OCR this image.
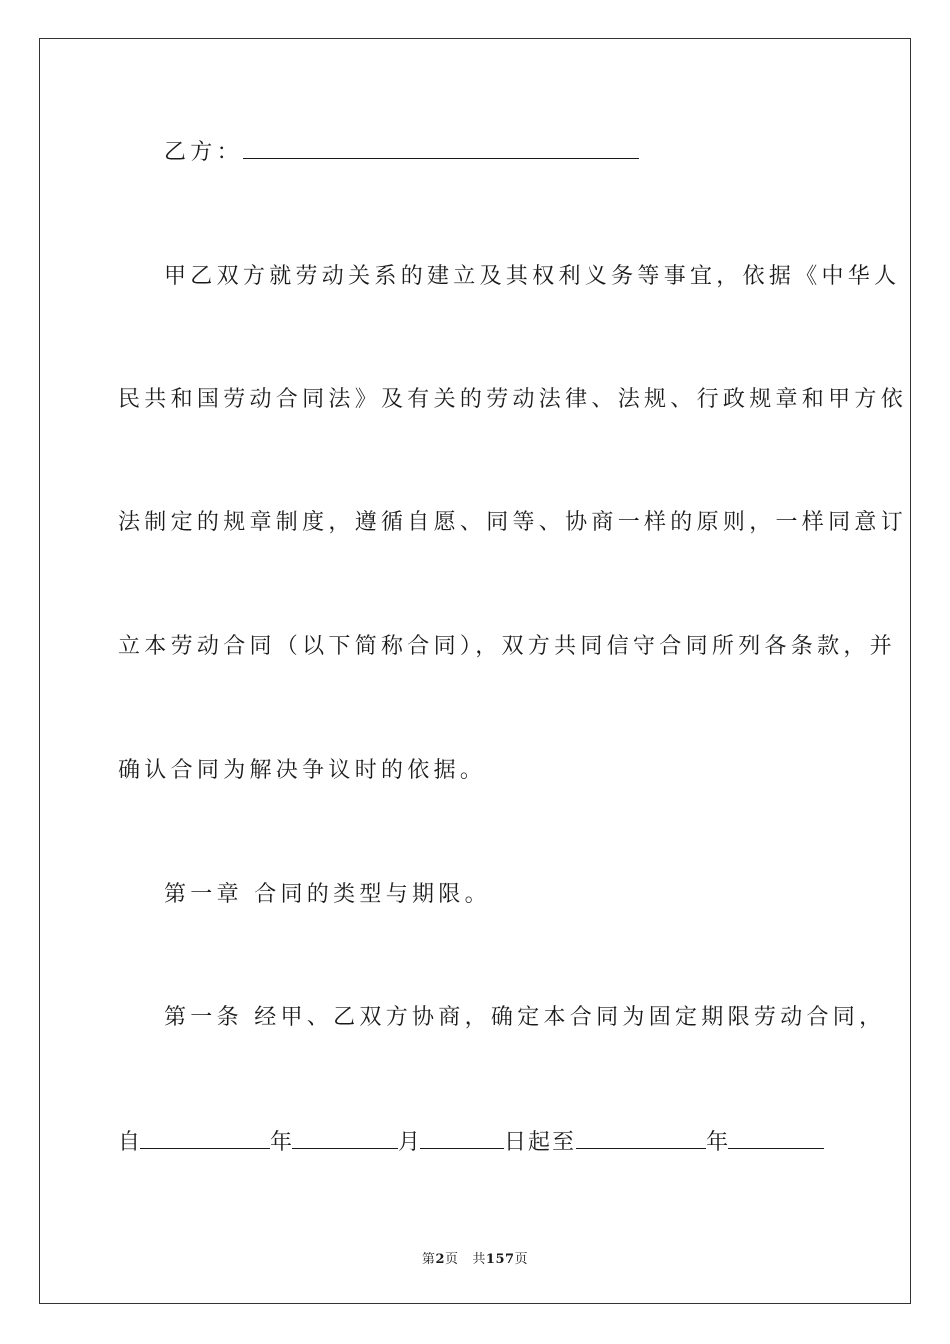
乙方：
甲乙双方就劳动关系的建立及其权利义务等事宜，依据《中华人
民共和国劳动合同法》及有关的劳动法律、法规、行政规章和甲方依
法制定的规章制度，遵循自愿、同等、协商一样的原则，一样同意订
立本劳动合同（以下简称合同），双方共同信守合同所列各条款，并
确认合同为解决争议时的依据。
第一章 合同的类型与期限。
第一条 经甲、乙双方协商，确定本合同为固定期限劳动合同，
自	年	月	日起至	年
第2页 共157页
